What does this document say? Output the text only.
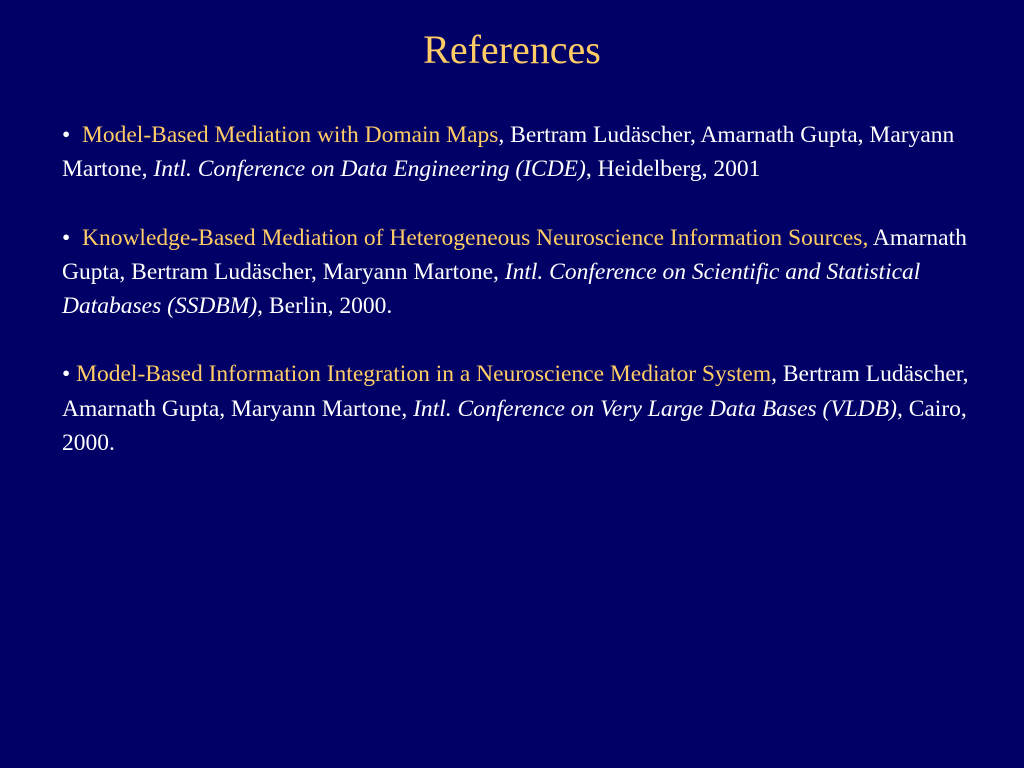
References
• Model-Based Mediation with Domain Maps, Bertram Ludäscher, Amarnath Gupta, Maryann Martone, Intl. Conference on Data Engineering (ICDE), Heidelberg, 2001
• Knowledge-Based Mediation of Heterogeneous Neuroscience Information Sources, Amarnath Gupta, Bertram Ludäscher, Maryann Martone, Intl. Conference on Scientific and Statistical Databases (SSDBM), Berlin, 2000.
• Model-Based Information Integration in a Neuroscience Mediator System, Bertram Ludäscher, Amarnath Gupta, Maryann Martone, Intl. Conference on Very Large Data Bases (VLDB), Cairo, 2000.
